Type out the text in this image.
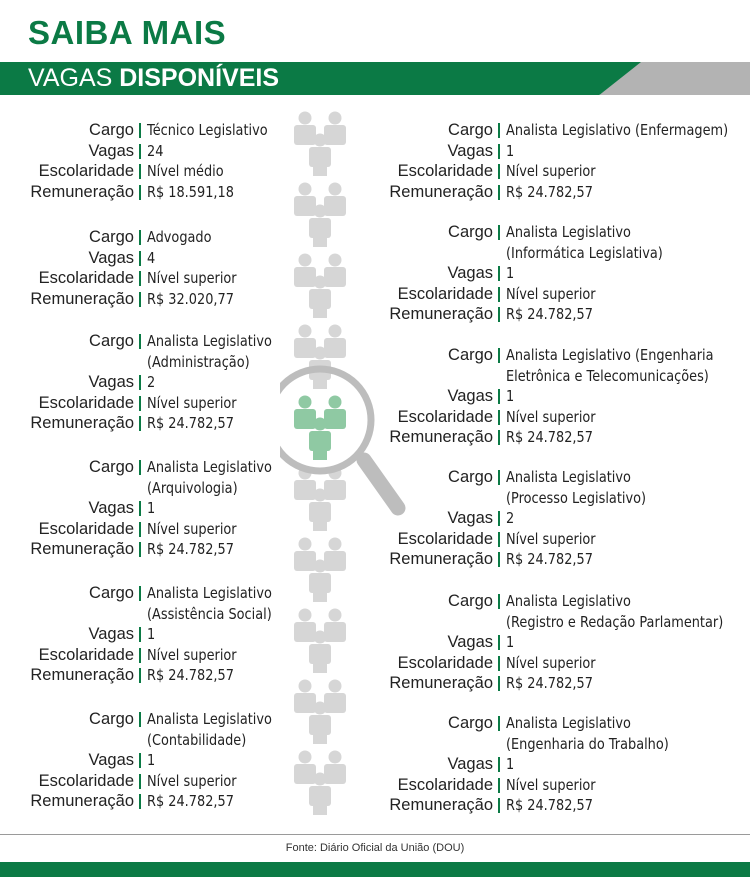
SAIBA MAIS
VAGAS DISPONÍVEIS
Cargo Técnico Legislativo
Vagas 24
Escolaridade Nível médio
Remuneração R$ 18.591,18
Cargo Advogado
Vagas 4
Escolaridade Nível superior
Remuneração R$ 32.020,77
Cargo Analista Legislativo
(Administração)
Vagas 2
Escolaridade Nível superior
Remuneração R$ 24.782,57
Cargo Analista Legislativo
(Arquivologia)
Vagas 1
Escolaridade Nível superior
Remuneração R$ 24.782,57
Cargo Analista Legislativo
(Assistência Social)
Vagas 1
Escolaridade Nível superior
Remuneração R$ 24.782,57
Cargo Analista Legislativo
(Contabilidade)
Vagas 1
Escolaridade Nível superior
Remuneração R$ 24.782,57
Cargo Analista Legislativo (Enfermagem)
Vagas 1
Escolaridade Nível superior
Remuneração R$ 24.782,57
Cargo Analista Legislativo
(Informática Legislativa)
Vagas 1
Escolaridade Nível superior
Remuneração R$ 24.782,57
Cargo Analista Legislativo (Engenharia
Eletrônica e Telecomunicações)
Vagas 1
Escolaridade Nível superior
Remuneração R$ 24.782,57
Cargo Analista Legislativo
(Processo Legislativo)
Vagas 2
Escolaridade Nível superior
Remuneração R$ 24.782,57
Cargo Analista Legislativo
(Registro e Redação Parlamentar)
Vagas 1
Escolaridade Nível superior
Remuneração R$ 24.782,57
Cargo Analista Legislativo
(Engenharia do Trabalho)
Vagas 1
Escolaridade Nível superior
Remuneração R$ 24.782,57
Fonte: Diário Oficial da União (DOU)
